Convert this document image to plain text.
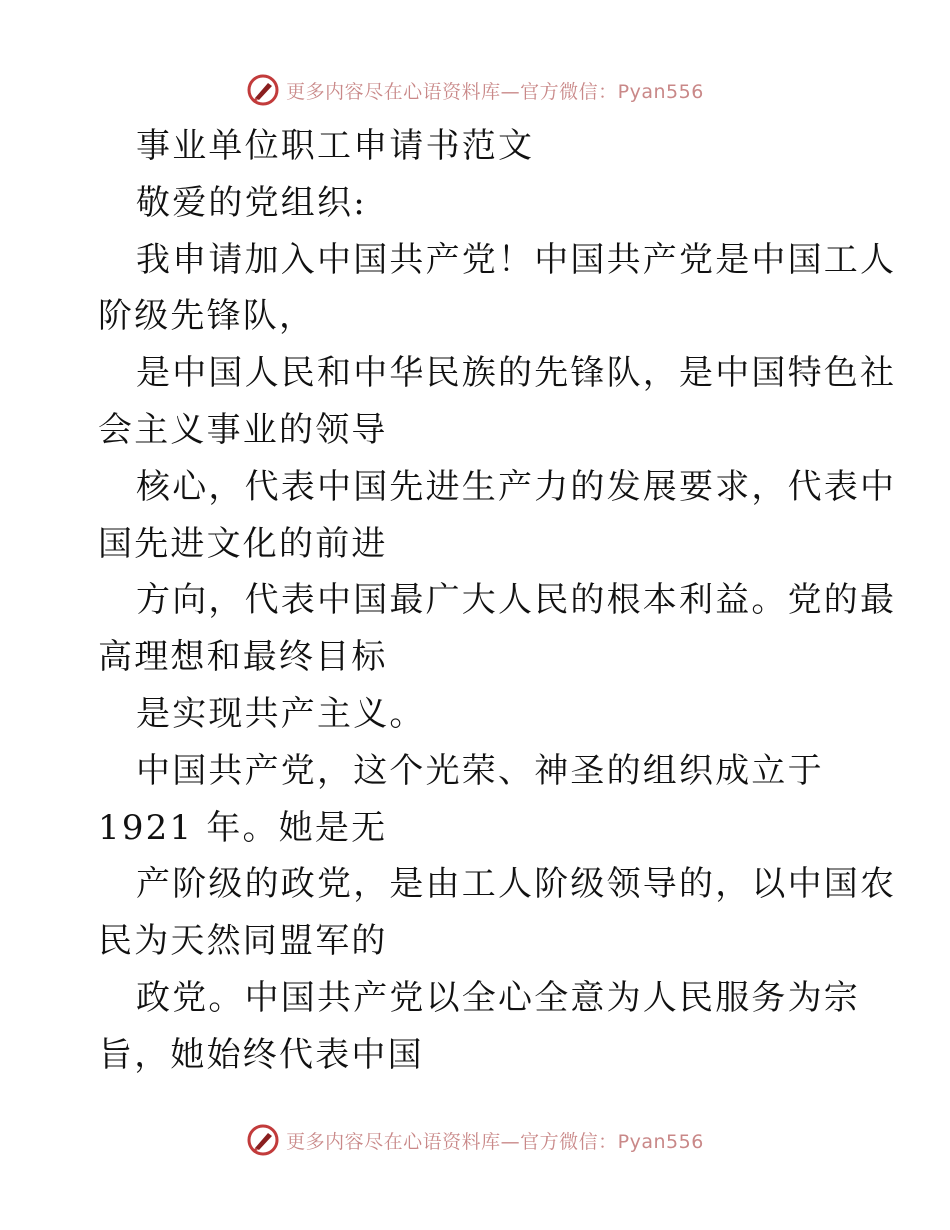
更多内容尽在心语资料库—官方微信：Pyan556
事业单位职工申请书范文
敬爱的党组织:
我申请加入中国共产党！中国共产党是中国工人
阶级先锋队，
是中国人民和中华民族的先锋队，是中国特色社
会主义事业的领导
核心，代表中国先进生产力的发展要求，代表中
国先进文化的前进
方向，代表中国最广大人民的根本利益。党的最
高理想和最终目标
是实现共产主义。
中国共产党，这个光荣、神圣的组织成立于
1921 年。她是无
产阶级的政党，是由工人阶级领导的，以中国农
民为天然同盟军的
政党。中国共产党以全心全意为人民服务为宗
旨，她始终代表中国
更多内容尽在心语资料库—官方微信：Pyan556
